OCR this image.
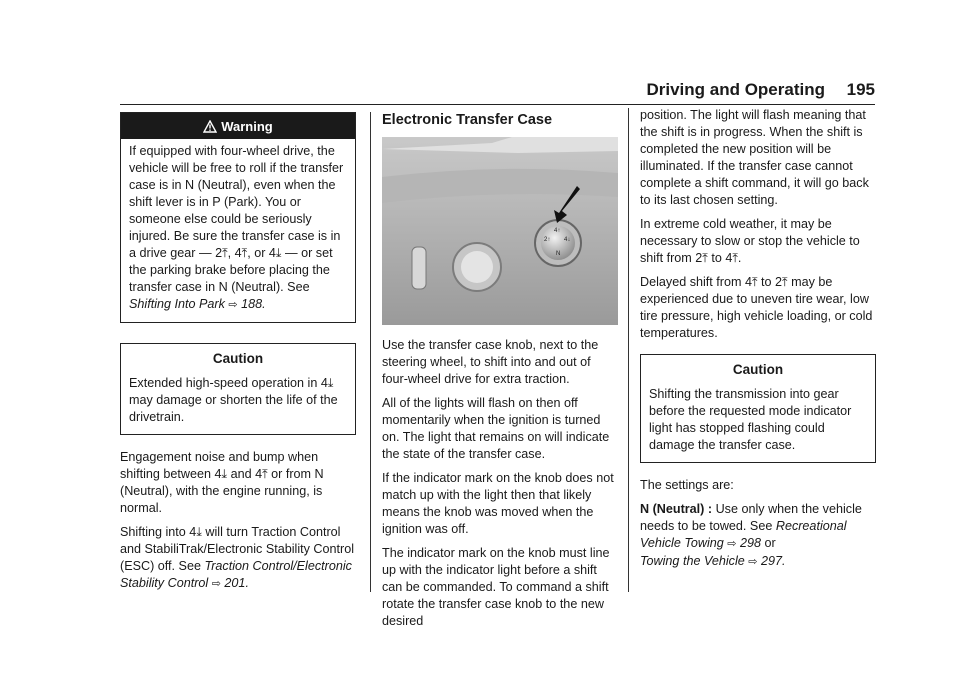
Driving and Operating 195
Warning

If equipped with four-wheel drive, the vehicle will be free to roll if the transfer case is in N (Neutral), even when the shift lever is in P (Park). You or someone else could be seriously injured. Be sure the transfer case is in a drive gear — 2⤒, 4⤒, or 4⤓ — or set the parking brake before placing the transfer case in N (Neutral). See Shifting Into Park ⇨ 188.

Caution

Extended high-speed operation in 4⤓ may damage or shorten the life of the drivetrain.

Engagement noise and bump when shifting between 4⤓ and 4⤒ or from N (Neutral), with the engine running, is normal.

Shifting into 4⤓ will turn Traction Control and StabiliTrak/Electronic Stability Control (ESC) off. See Traction Control/Electronic Stability Control ⇨ 201.

Electronic Transfer Case
2↑
4↑
4↓
N

Use the transfer case knob, next to the steering wheel, to shift into and out of four-wheel drive for extra traction.

All of the lights will flash on then off momentarily when the ignition is turned on. The light that remains on will indicate the state of the transfer case.

If the indicator mark on the knob does not match up with the light then that likely means the knob was moved when the ignition was off.

The indicator mark on the knob must line up with the indicator light before a shift can be commanded. To command a shift rotate the transfer case knob to the new desired

position. The light will flash meaning that the shift is in progress. When the shift is completed the new position will be illuminated. If the transfer case cannot complete a shift command, it will go back to its last chosen setting.

In extreme cold weather, it may be necessary to slow or stop the vehicle to shift from 2⤒ to 4⤒.

Delayed shift from 4⤒ to 2⤒ may be experienced due to uneven tire wear, low tire pressure, high vehicle loading, or cold temperatures.

Caution

Shifting the transmission into gear before the requested mode indicator light has stopped flashing could damage the transfer case.

The settings are:

N (Neutral) : Use only when the vehicle needs to be towed. See Recreational Vehicle Towing ⇨ 298 or
Towing the Vehicle ⇨ 297.
